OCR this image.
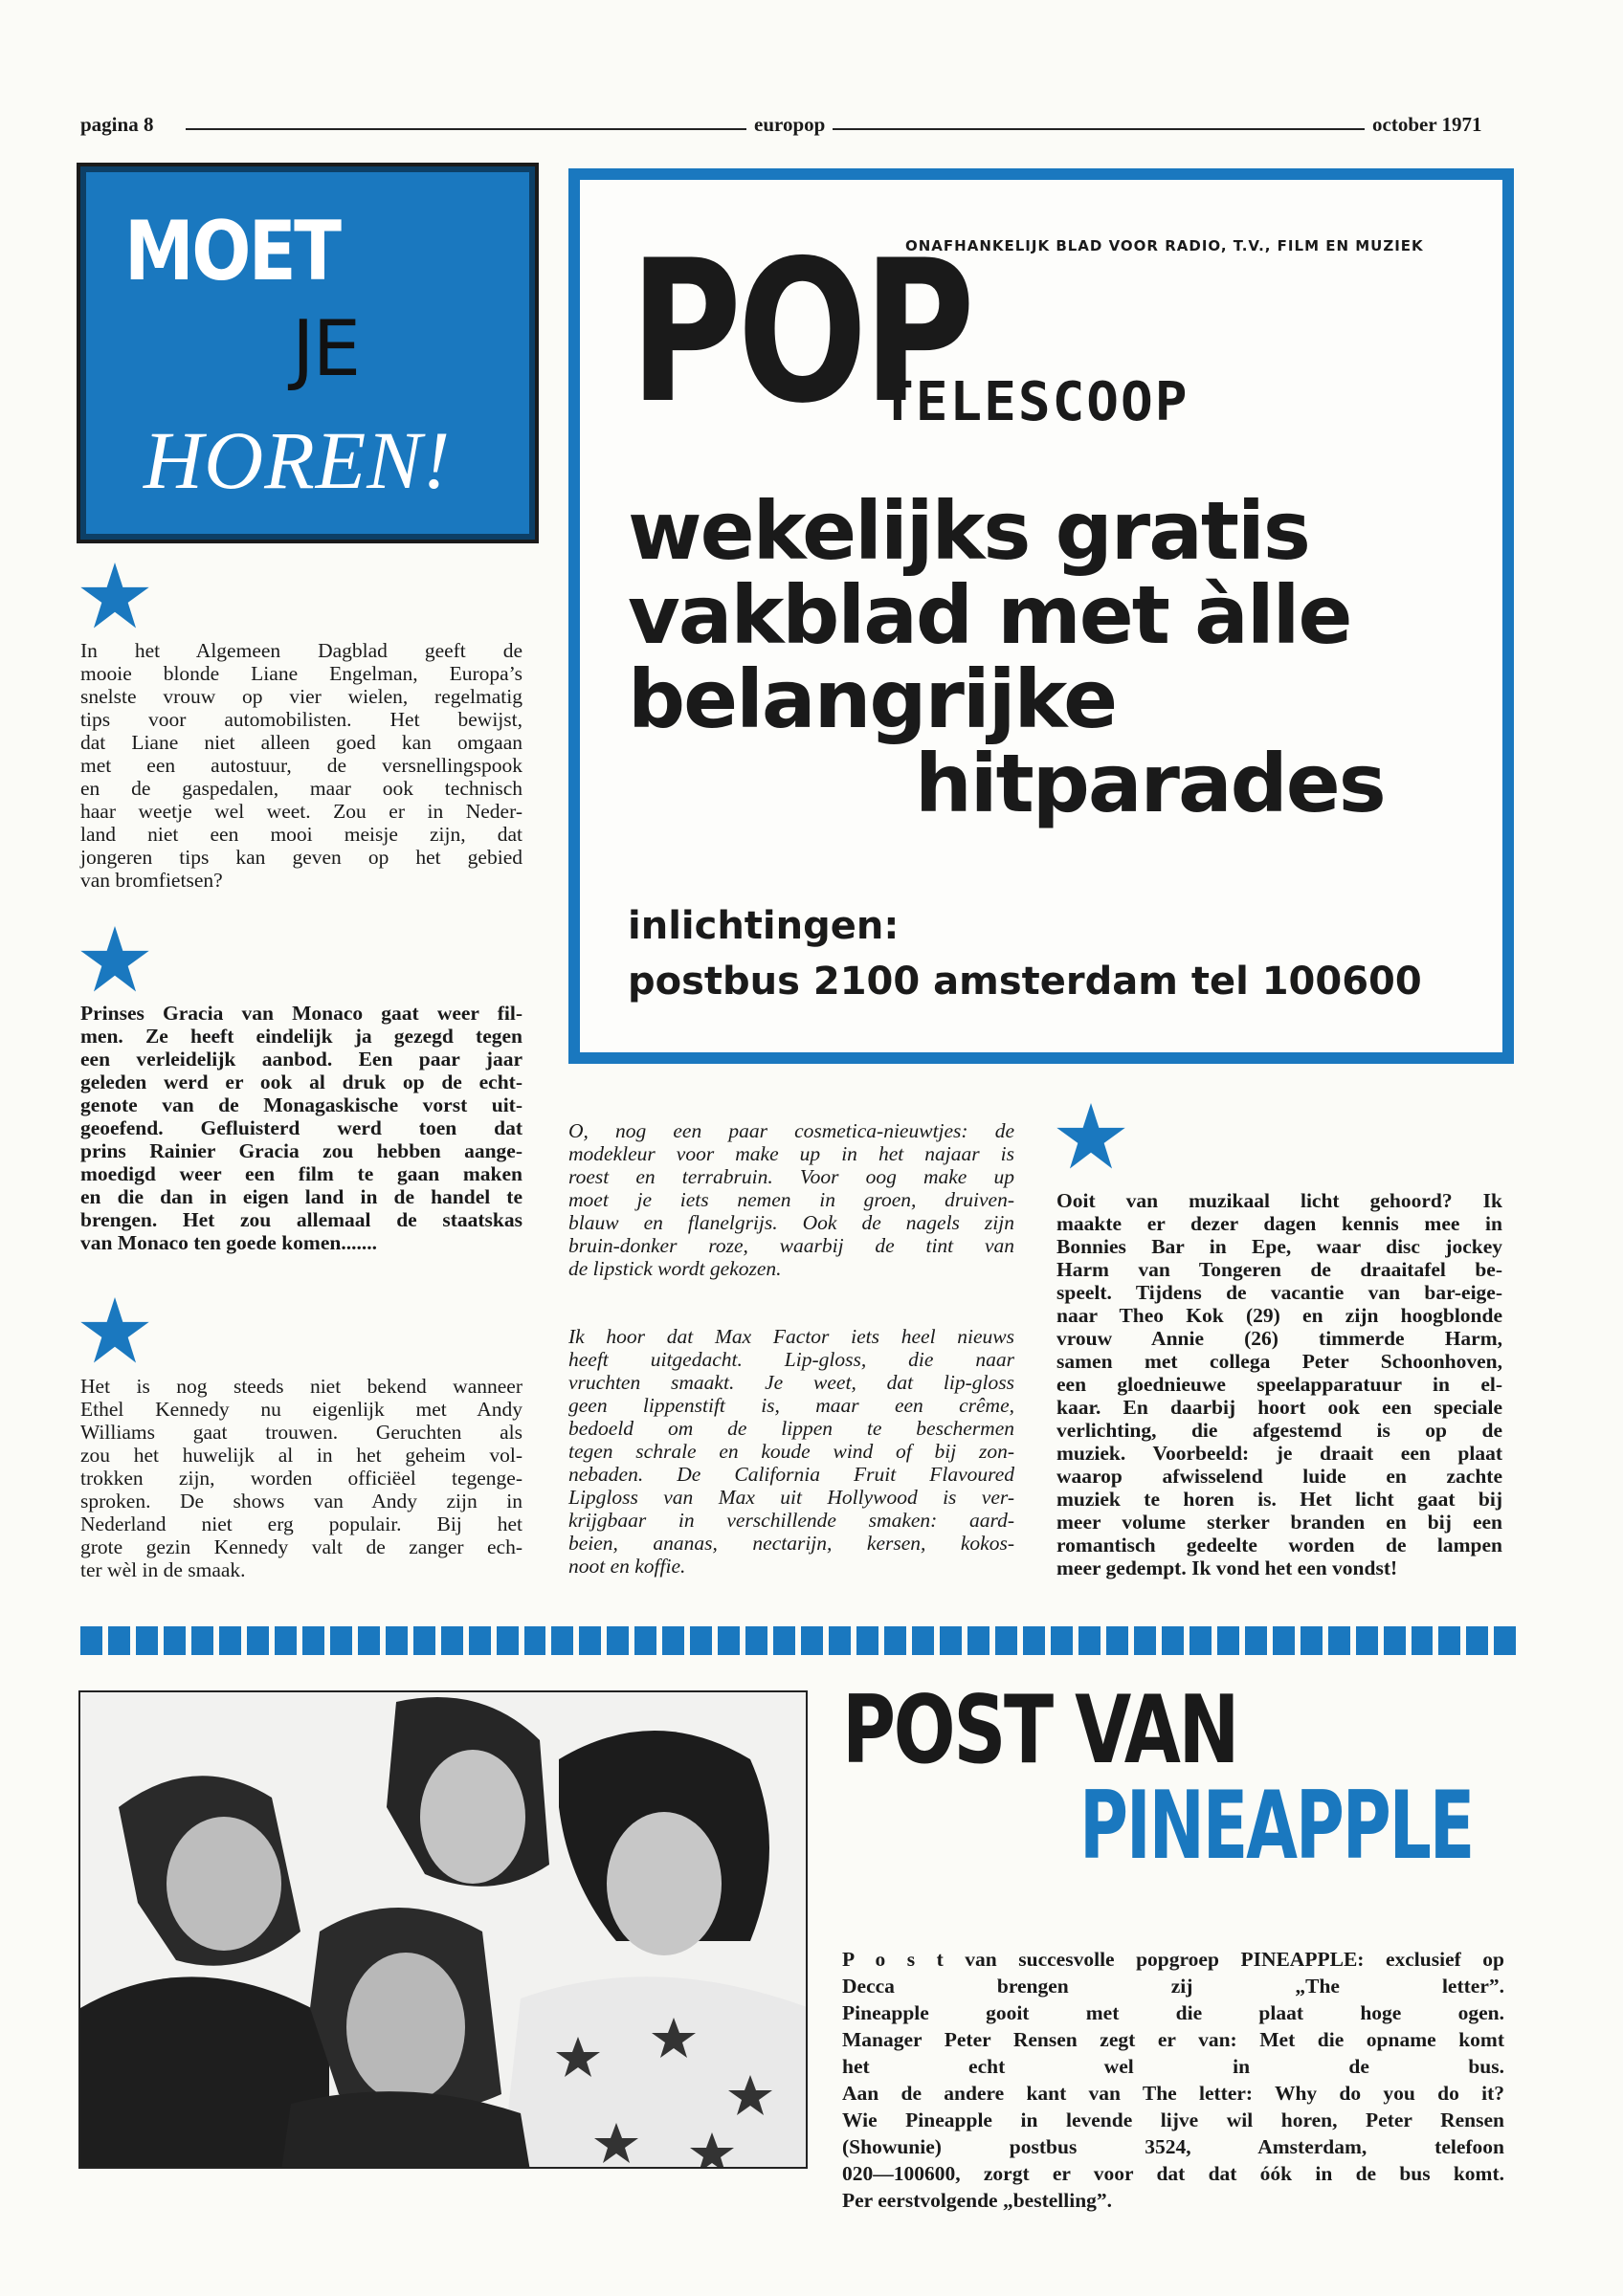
pagina 8	europop	october 1971
MOET
JE
HOREN!
In het Algemeen Dagblad geeft de
mooie blonde Liane Engelman, Europa’s
snelste vrouw op vier wielen, regelmatig
tips voor automobilisten. Het bewijst,
dat Liane niet alleen goed kan omgaan
met een autostuur, de versnellingspook
en de gaspedalen, maar ook technisch
haar weetje wel weet. Zou er in Neder-
land niet een mooi meisje zijn, dat
jongeren tips kan geven op het gebied
van bromfietsen?
Prinses Gracia van Monaco gaat weer fil-
men. Ze heeft eindelijk ja gezegd tegen
een verleidelijk aanbod. Een paar jaar
geleden werd er ook al druk op de echt-
genote van de Monagaskische vorst uit-
geoefend. Gefluisterd werd toen dat
prins Rainier Gracia zou hebben aange-
moedigd weer een film te gaan maken
en die dan in eigen land in de handel te
brengen. Het zou allemaal de staatskas
van Monaco ten goede komen.......
Het is nog steeds niet bekend wanneer
Ethel Kennedy nu eigenlijk met Andy
Williams gaat trouwen. Geruchten als
zou het huwelijk al in het geheim vol-
trokken zijn, worden officiëel tegenge-
sproken. De shows van Andy zijn in
Nederland niet erg populair. Bij het
grote gezin Kennedy valt de zanger ech-
ter wèl in de smaak.
POP
ONAFHANKELIJK BLAD VOOR RADIO, T.V., FILM EN MUZIEK
TELESCOOP
wekelijks gratis
vakblad met àlle
belangrijke
hitparades
inlichtingen:
postbus 2100 amsterdam tel 100600
O, nog een paar cosmetica-nieuwtjes: de
modekleur voor make up in het najaar is
roest en terrabruin. Voor oog make up
moet je iets nemen in groen, druiven-
blauw en flanelgrijs. Ook de nagels zijn
bruin-donker roze, waarbij de tint van
de lipstick wordt gekozen.
Ik hoor dat Max Factor iets heel nieuws
heeft uitgedacht. Lip-gloss, die naar
vruchten smaakt. Je weet, dat lip-gloss
geen lippenstift is, maar een crême,
bedoeld om de lippen te beschermen
tegen schrale en koude wind of bij zon-
nebaden. De California Fruit Flavoured
Lipgloss van Max uit Hollywood is ver-
krijgbaar in verschillende smaken: aard-
beien, ananas, nectarijn, kersen, kokos-
noot en koffie.
Ooit van muzikaal licht gehoord? Ik
maakte er dezer dagen kennis mee in
Bonnies Bar in Epe, waar disc jockey
Harm van Tongeren de draaitafel be-
speelt. Tijdens de vacantie van bar-eige-
naar Theo Kok (29) en zijn hoogblonde
vrouw Annie (26) timmerde Harm,
samen met collega Peter Schoonhoven,
een gloednieuwe speelapparatuur in el-
kaar. En daarbij hoort ook een speciale
verlichting, die afgestemd is op de
muziek. Voorbeeld: je draait een plaat
waarop afwisselend luide en zachte
muziek te horen is. Het licht gaat bij
meer volume sterker branden en bij een
romantisch gedeelte worden de lampen
meer gedempt. Ik vond het een vondst!
POST VAN
PINEAPPLE
P o s t van succesvolle popgroep PINEAPPLE: exclusief op
Decca brengen zij „The letter”.
Pineapple gooit met die plaat hoge ogen.
Manager Peter Rensen zegt er van: Met die opname komt
het echt wel in de bus.
Aan de andere kant van The letter: Why do you do it?
Wie Pineapple in levende lijve wil horen, Peter Rensen
(Showunie) postbus 3524, Amsterdam, telefoon
020—100600, zorgt er voor dat dat óók in de bus komt.
Per eerstvolgende „bestelling”.
